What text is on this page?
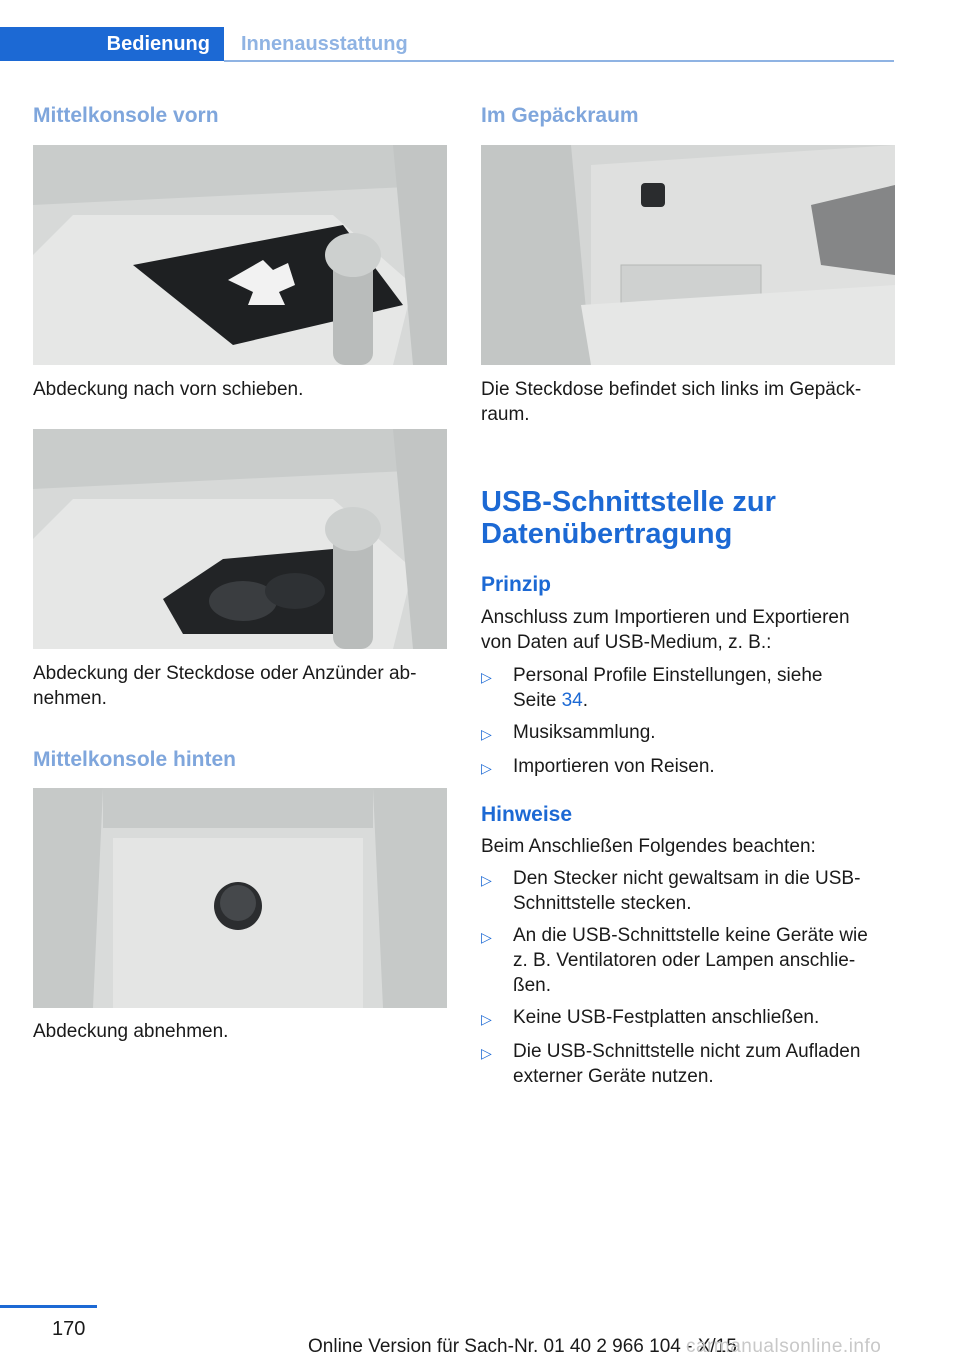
Bedienung	Innenausstattung
Mittelkonsole vorn
Abdeckung nach vorn schieben.
Abdeckung der Steckdose oder Anzünder ab-
nehmen.
Mittelkonsole hinten
Abdeckung abnehmen.
Im Gepäckraum
Die Steckdose befindet sich links im Gepäck-
raum.
USB-Schnittstelle zur
Datenübertragung
Prinzip
Anschluss zum Importieren und Exportieren
von Daten auf USB-Medium, z. B.:
▷	Personal Profile Einstellungen, siehe
Seite 34.
▷	Musiksammlung.
▷	Importieren von Reisen.
Hinweise
Beim Anschließen Folgendes beachten:
▷	Den Stecker nicht gewaltsam in die USB-
Schnittstelle stecken.
▷	An die USB-Schnittstelle keine Geräte wie
z. B. Ventilatoren oder Lampen anschlie-
ßen.
▷	Keine USB-Festplatten anschließen.
▷	Die USB-Schnittstelle nicht zum Aufladen
externer Geräte nutzen.
170
Online Version für Sach-Nr. 01 40 2 966 104 - X/15
carmanualsonline.info
